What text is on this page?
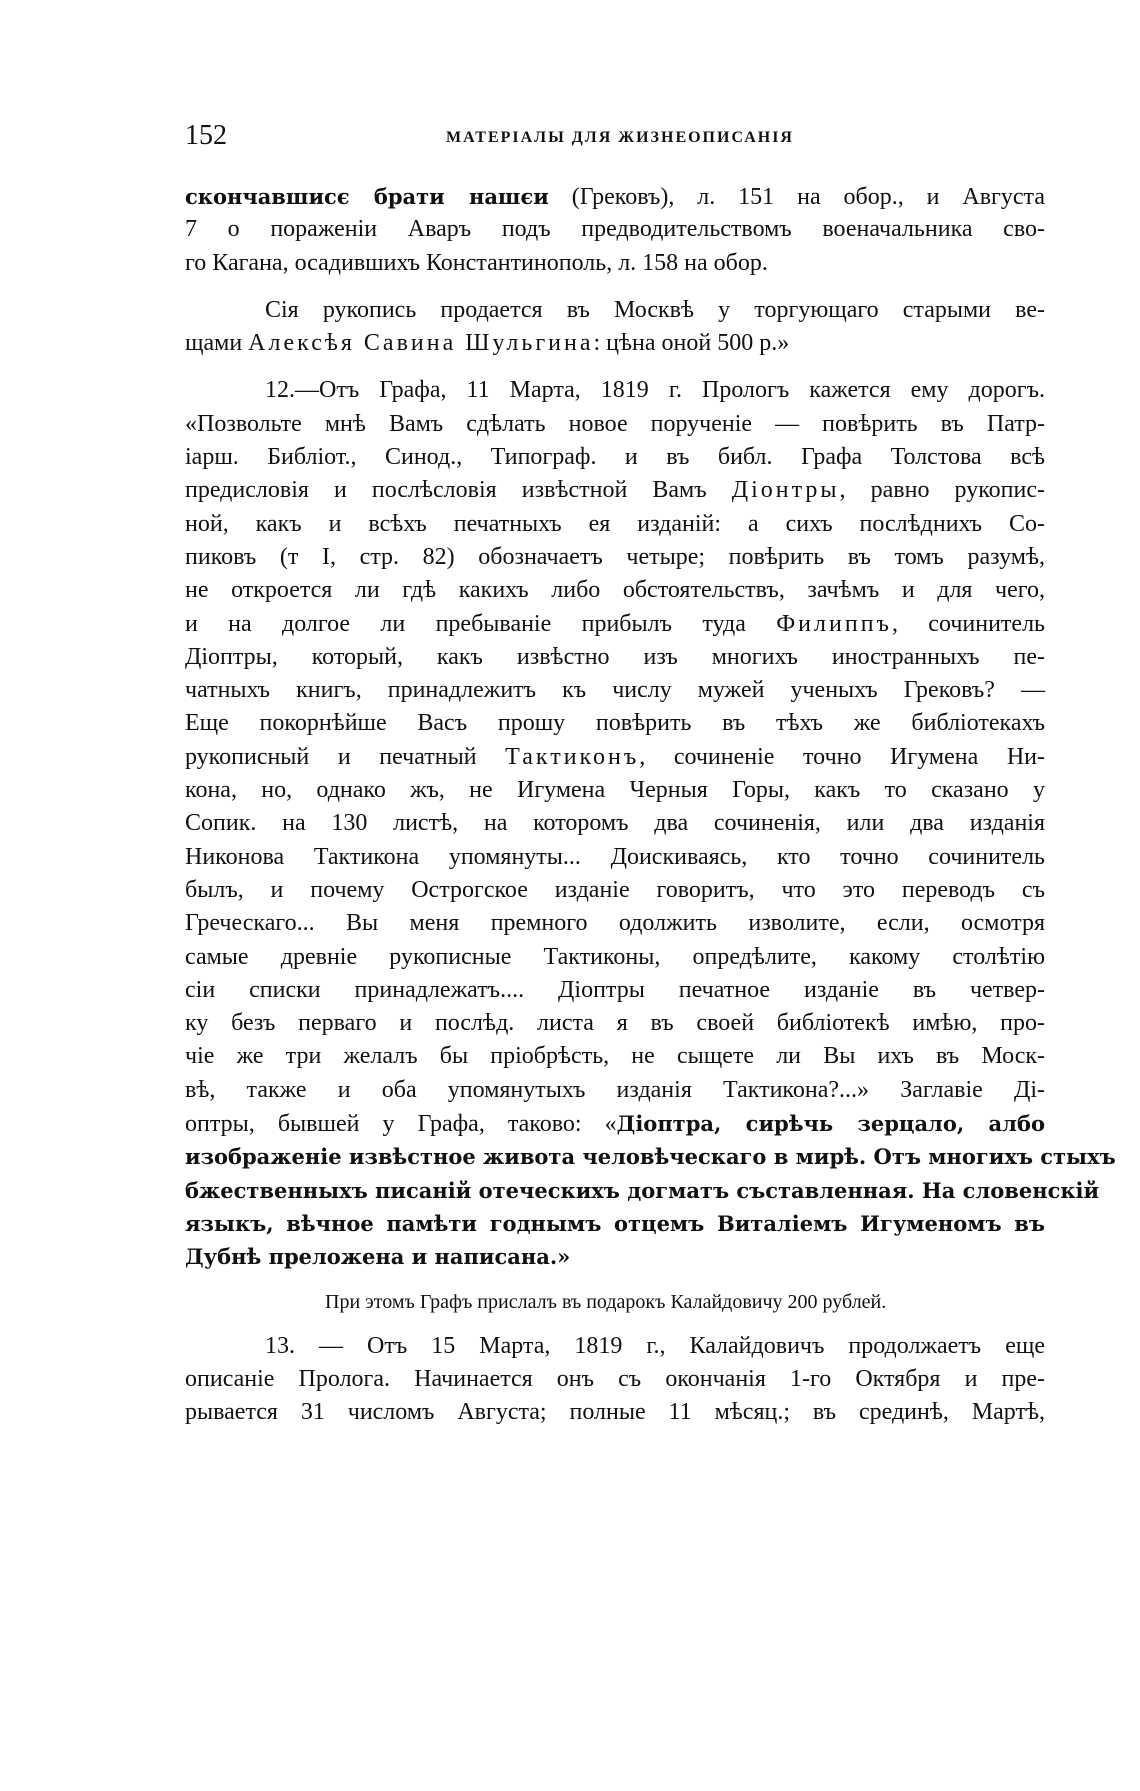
152	МАТЕРІАЛЫ ДЛЯ ЖИЗНЕОПИСАНІЯ
скончавшисє брати нашєи (Грековъ), л. 151 на обор., и Августа
7 о пораженіи Аваръ подъ предводительствомъ военачальника сво-
го Кагана, осадившихъ Константинополь, л. 158 на обор.
Сія рукопись продается въ Москвѣ у торгующаго старыми ве-
щами Алексѣя Савина Шульгина: цѣна оной 500 р.»
12.—Отъ Графа, 11 Марта, 1819 г. Прологъ кажется ему дорогъ.
«Позвольте мнѣ Вамъ сдѣлать новое порученіе — повѣрить въ Патр-
іарш. Библіот., Синод., Типограф. и въ библ. Графа Толстова всѣ
предисловія и послѣсловія извѣстной Вамъ Діонтры, равно рукопис-
ной, какъ и всѣхъ печатныхъ ея изданій: а сихъ послѣднихъ Со-
пиковъ (т I, стр. 82) обозначаетъ четыре; повѣрить въ томъ разумѣ,
не откроется ли гдѣ какихъ либо обстоятельствъ, зачѣмъ и для чего,
и на долгое ли пребываніе прибылъ туда Филиппъ, сочинитель
Діоптры, который, какъ извѣстно изъ многихъ иностранныхъ пе-
чатныхъ книгъ, принадлежитъ къ числу мужей ученыхъ Грековъ? —
Еще покорнѣйше Васъ прошу повѣрить въ тѣхъ же библіотекахъ
рукописный и печатный Тактиконъ, сочиненіе точно Игумена Ни-
кона, но, однако жъ, не Игумена Черныя Горы, какъ то сказано у
Сопик. на 130 листѣ, на которомъ два сочиненія, или два изданія
Никонова Тактикона упомянуты... Доискиваясь, кто точно сочинитель
былъ, и почему Острогское изданіе говоритъ, что это переводъ съ
Греческаго... Вы меня премного одолжить изволите, если, осмотря
самые древніе рукописные Тактиконы, опредѣлите, какому столѣтію
сіи списки принадлежатъ.... Діоптры печатное изданіе въ четвер-
ку безъ перваго и послѣд. листа я въ своей библіотекѣ имѣю, про-
чіе же три желалъ бы пріобрѣсть, не сыщете ли Вы ихъ въ Моск-
вѣ, также и оба упомянутыхъ изданія Тактикона?...» Заглавіе Ді-
оптры, бывшей у Графа, таково: «Діоптра, сирѣчь зерцало, албо
изображеніе извѣстное живота человѣческаго в мирѣ. Отъ многихъ стыхъ
бжественныхъ писаній отеческихъ догматъ съставленная. На словенскій
языкъ, вѣчное памѣти годнымъ отцемъ Виталіемъ Игуменомъ въ
Дубнѣ преложена и написана.»
При этомъ Графъ прислалъ въ подарокъ Калайдовичу 200 рублей.
13. — Отъ 15 Марта, 1819 г., Калайдовичъ продолжаетъ еще
описаніе Пролога. Начинается онъ съ окончанія 1-го Октября и пре-
рывается 31 числомъ Августа; полные 11 мѣсяц.; въ срединѣ, Мартѣ,
